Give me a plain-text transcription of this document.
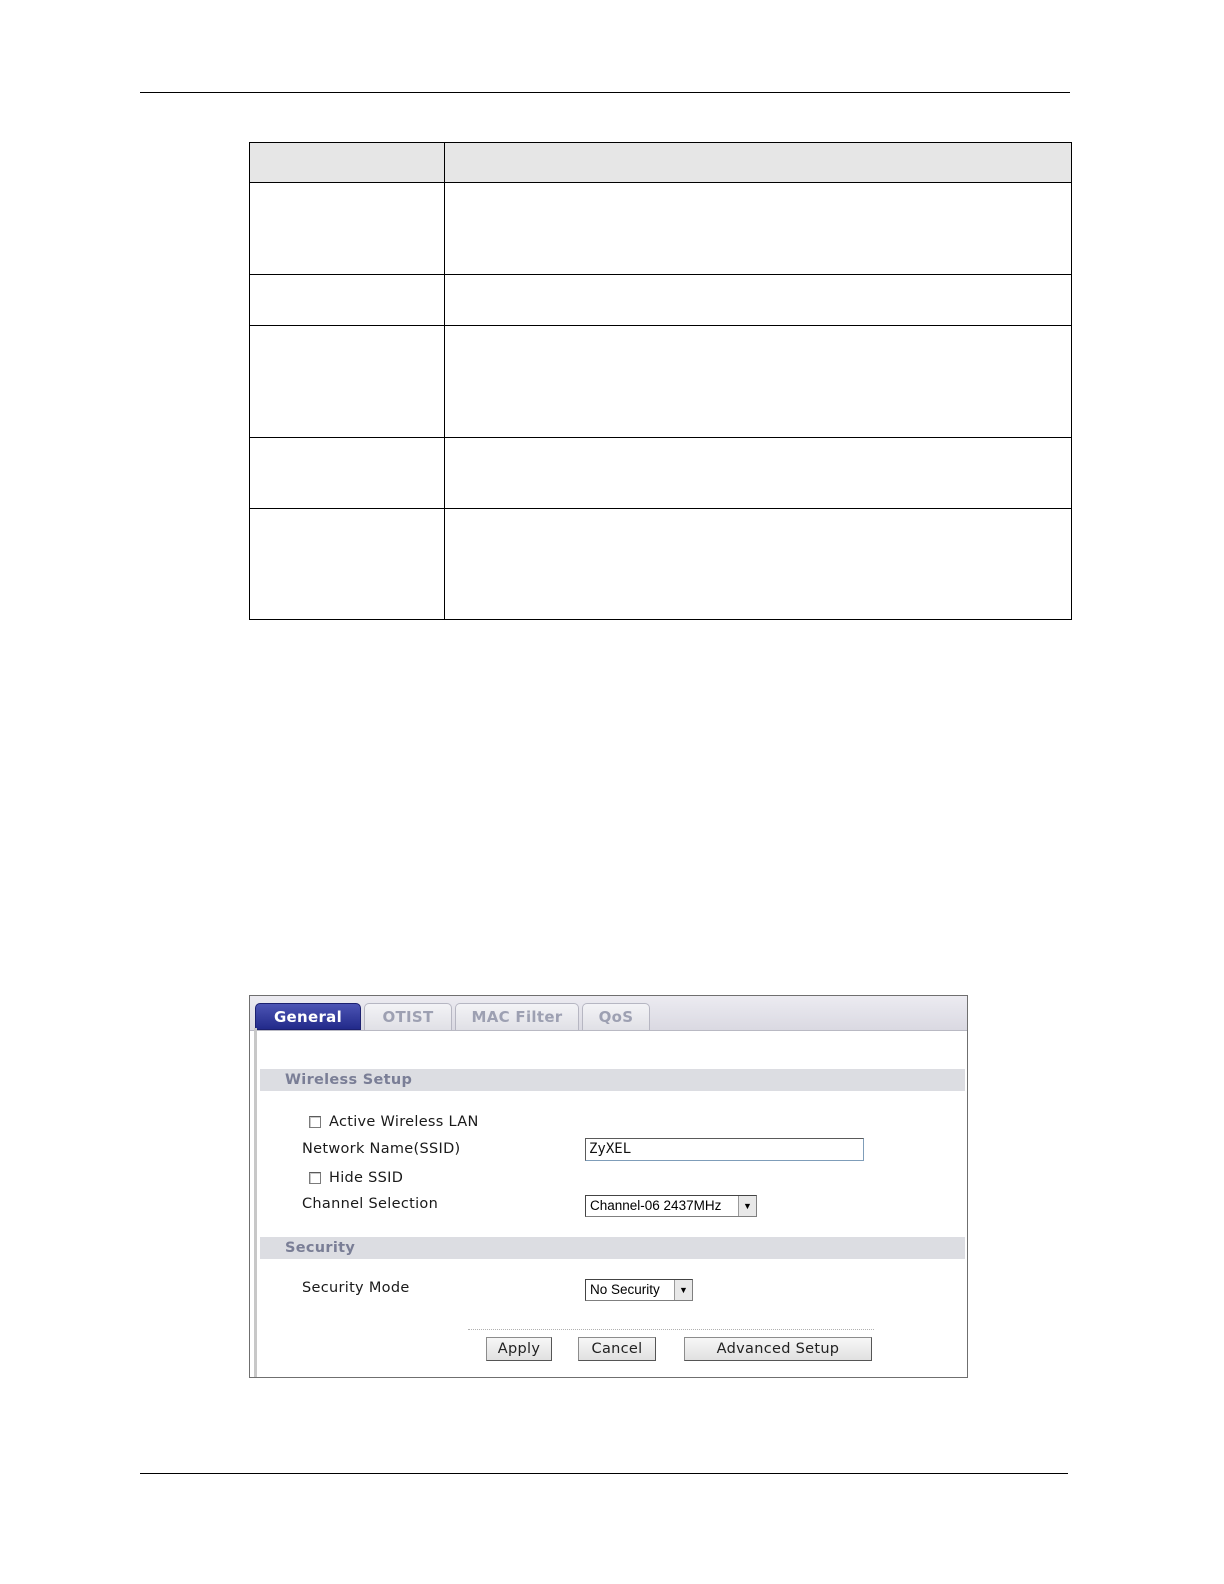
General	OTIST	MAC Filter	QoS
Wireless Setup
Active Wireless LAN
Network Name(SSID)	ZyXEL
Hide SSID
Channel Selection	Channel-06 2437MHz	▼
Security
Security Mode	No Security	▼
Apply	Cancel	Advanced Setup
